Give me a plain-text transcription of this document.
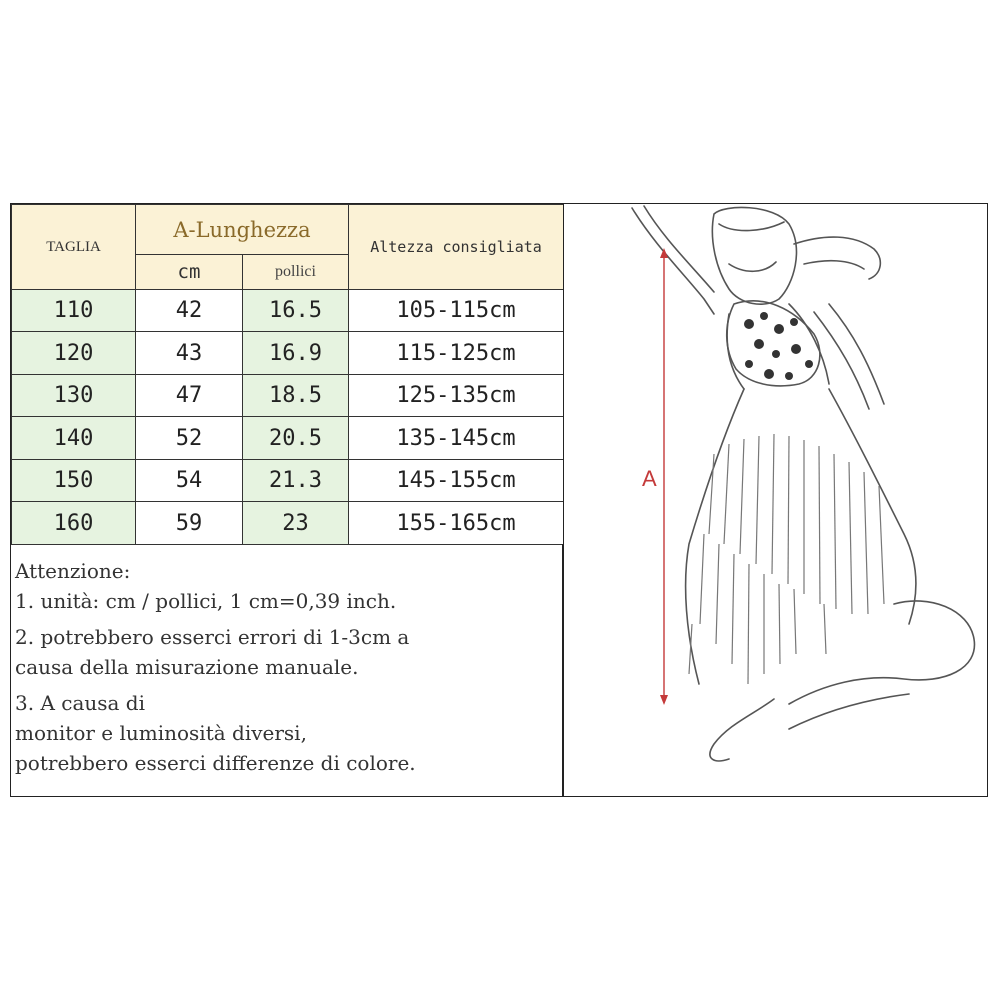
TAGLIA	A-Lunghezza		Altezza consigliata
	cm	pollici	
110	42	16.5	105-115cm
120	43	16.9	115-125cm
130	47	18.5	125-135cm
140	52	20.5	135-145cm
150	54	21.3	145-155cm
160	59	23	155-165cm
Attenzione:
1. unità: cm / pollici, 1 cm=0,39 inch.
2. potrebbero esserci errori di 1-3cm a
causa della misurazione manuale.
3. A causa di
monitor e luminosità diversi,
potrebbero esserci differenze di colore.
A
